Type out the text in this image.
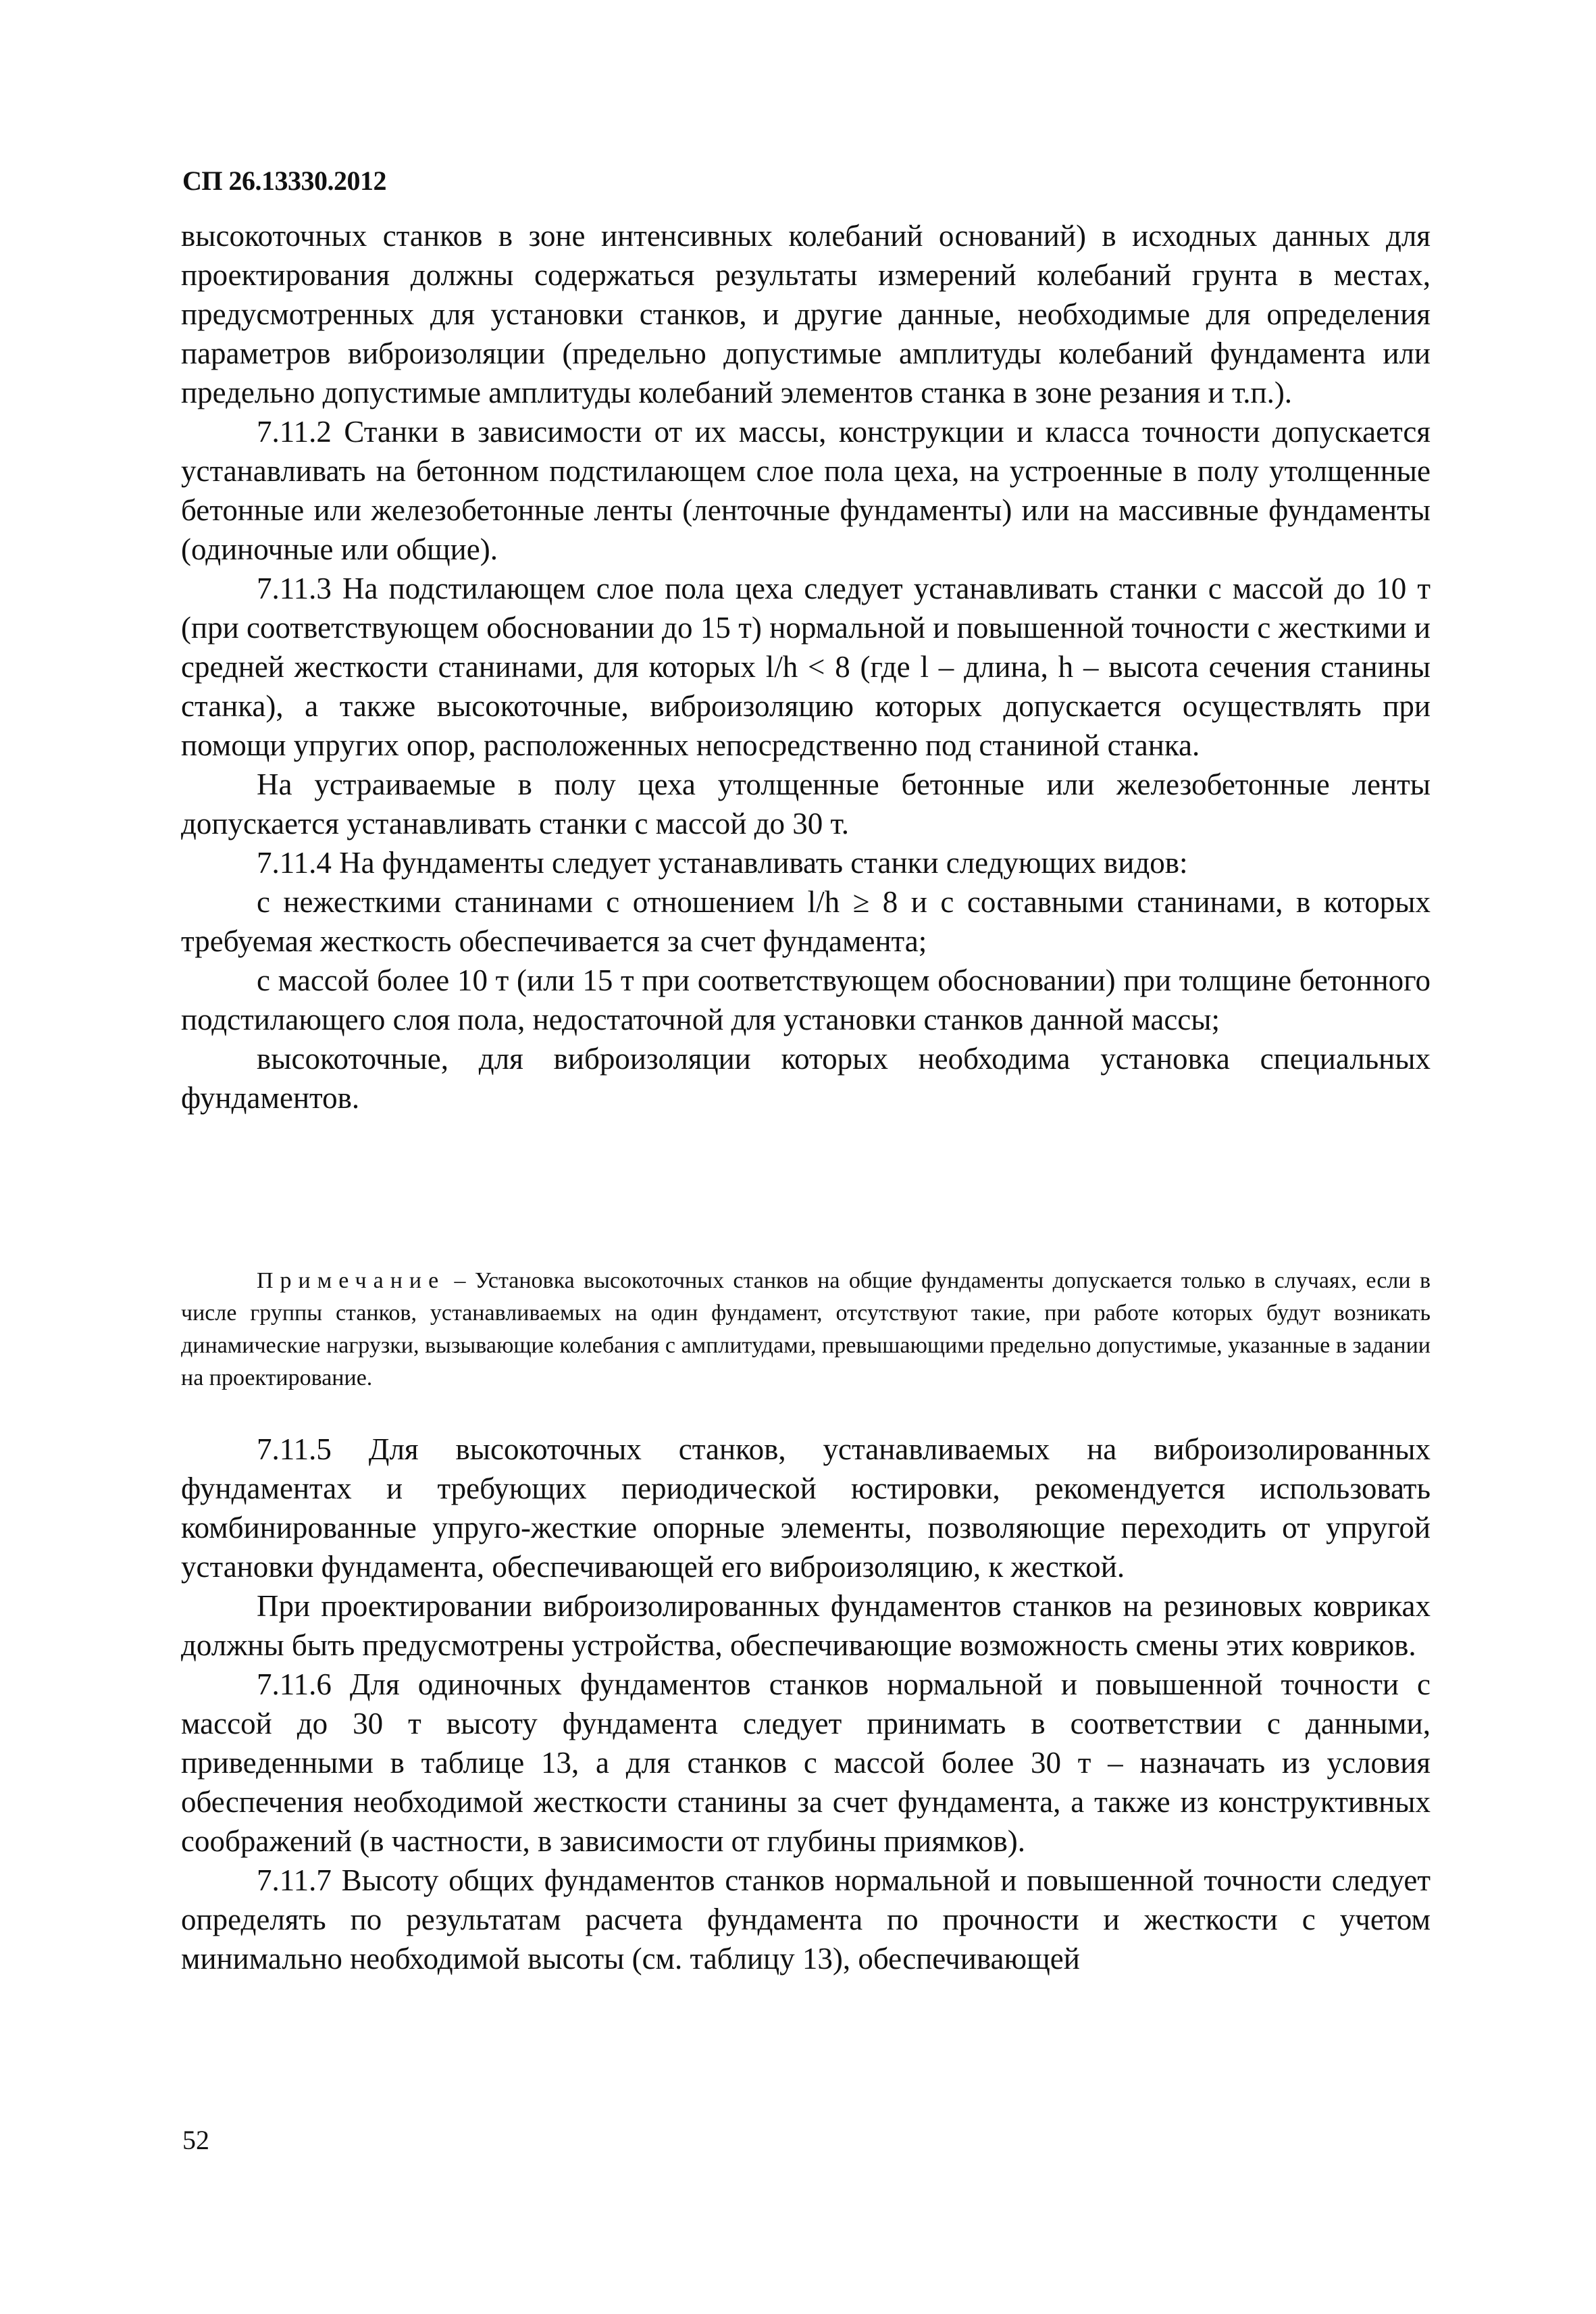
СП 26.13330.2012

высокоточных станков в зоне интенсивных колебаний оснований) в исходных данных для проектирования должны содержаться результаты измерений колебаний грунта в местах, предусмотренных для установки станков, и другие данные, необходимые для определения параметров виброизоляции (предельно допустимые амплитуды колебаний фундамента или предельно допустимые амплитуды колебаний элементов станка в зоне резания и т.п.).

7.11.2 Станки в зависимости от их массы, конструкции и класса точности допускается устанавливать на бетонном подстилающем слое пола цеха, на устроенные в полу утолщенные бетонные или железобетонные ленты (ленточные фундаменты) или на массивные фундаменты (одиночные или общие).

7.11.3 На подстилающем слое пола цеха следует устанавливать станки с массой до 10 т (при соответствующем обосновании до 15 т) нормальной и повышенной точности с жесткими и средней жесткости станинами, для которых l/h < 8 (где l – длина, h – высота сечения станины станка), а также высокоточные, виброизоляцию которых допускается осуществлять при помощи упругих опор, расположенных непосредственно под станиной станка.

На устраиваемые в полу цеха утолщенные бетонные или железобетонные ленты допускается устанавливать станки с массой до 30 т.

7.11.4 На фундаменты следует устанавливать станки следующих видов:

с нежесткими станинами с отношением l/h ≥ 8 и с составными станинами, в которых требуемая жесткость обеспечивается за счет фундамента;

с массой более 10 т (или 15 т при соответствующем обосновании) при толщине бетонного подстилающего слоя пола, недостаточной для установки станков данной массы;

высокоточные, для виброизоляции которых необходима установка специальных фундаментов.

Примечание – Установка высокоточных станков на общие фундаменты допускается только в случаях, если в числе группы станков, устанавливаемых на один фундамент, отсутствуют такие, при работе которых будут возникать динамические нагрузки, вызывающие колебания с амплитудами, превышающими предельно допустимые, указанные в задании на проектирование.

7.11.5 Для высокоточных станков, устанавливаемых на виброизолированных фундаментах и требующих периодической юстировки, рекомендуется использовать комбинированные упруго-жесткие опорные элементы, позволяющие переходить от упругой установки фундамента, обеспечивающей его виброизоляцию, к жесткой.

При проектировании виброизолированных фундаментов станков на резиновых ковриках должны быть предусмотрены устройства, обеспечивающие возможность смены этих ковриков.

7.11.6 Для одиночных фундаментов станков нормальной и повышенной точности с массой до 30 т высоту фундамента следует принимать в соответствии с данными, приведенными в таблице 13, а для станков с массой более 30 т – назначать из условия обеспечения необходимой жесткости станины за счет фундамента, а также из конструктивных соображений (в частности, в зависимости от глубины приямков).

7.11.7 Высоту общих фундаментов станков нормальной и повышенной точности следует определять по результатам расчета фундамента по прочности и жесткости с учетом минимально необходимой высоты (см. таблицу 13), обеспечивающей

52
